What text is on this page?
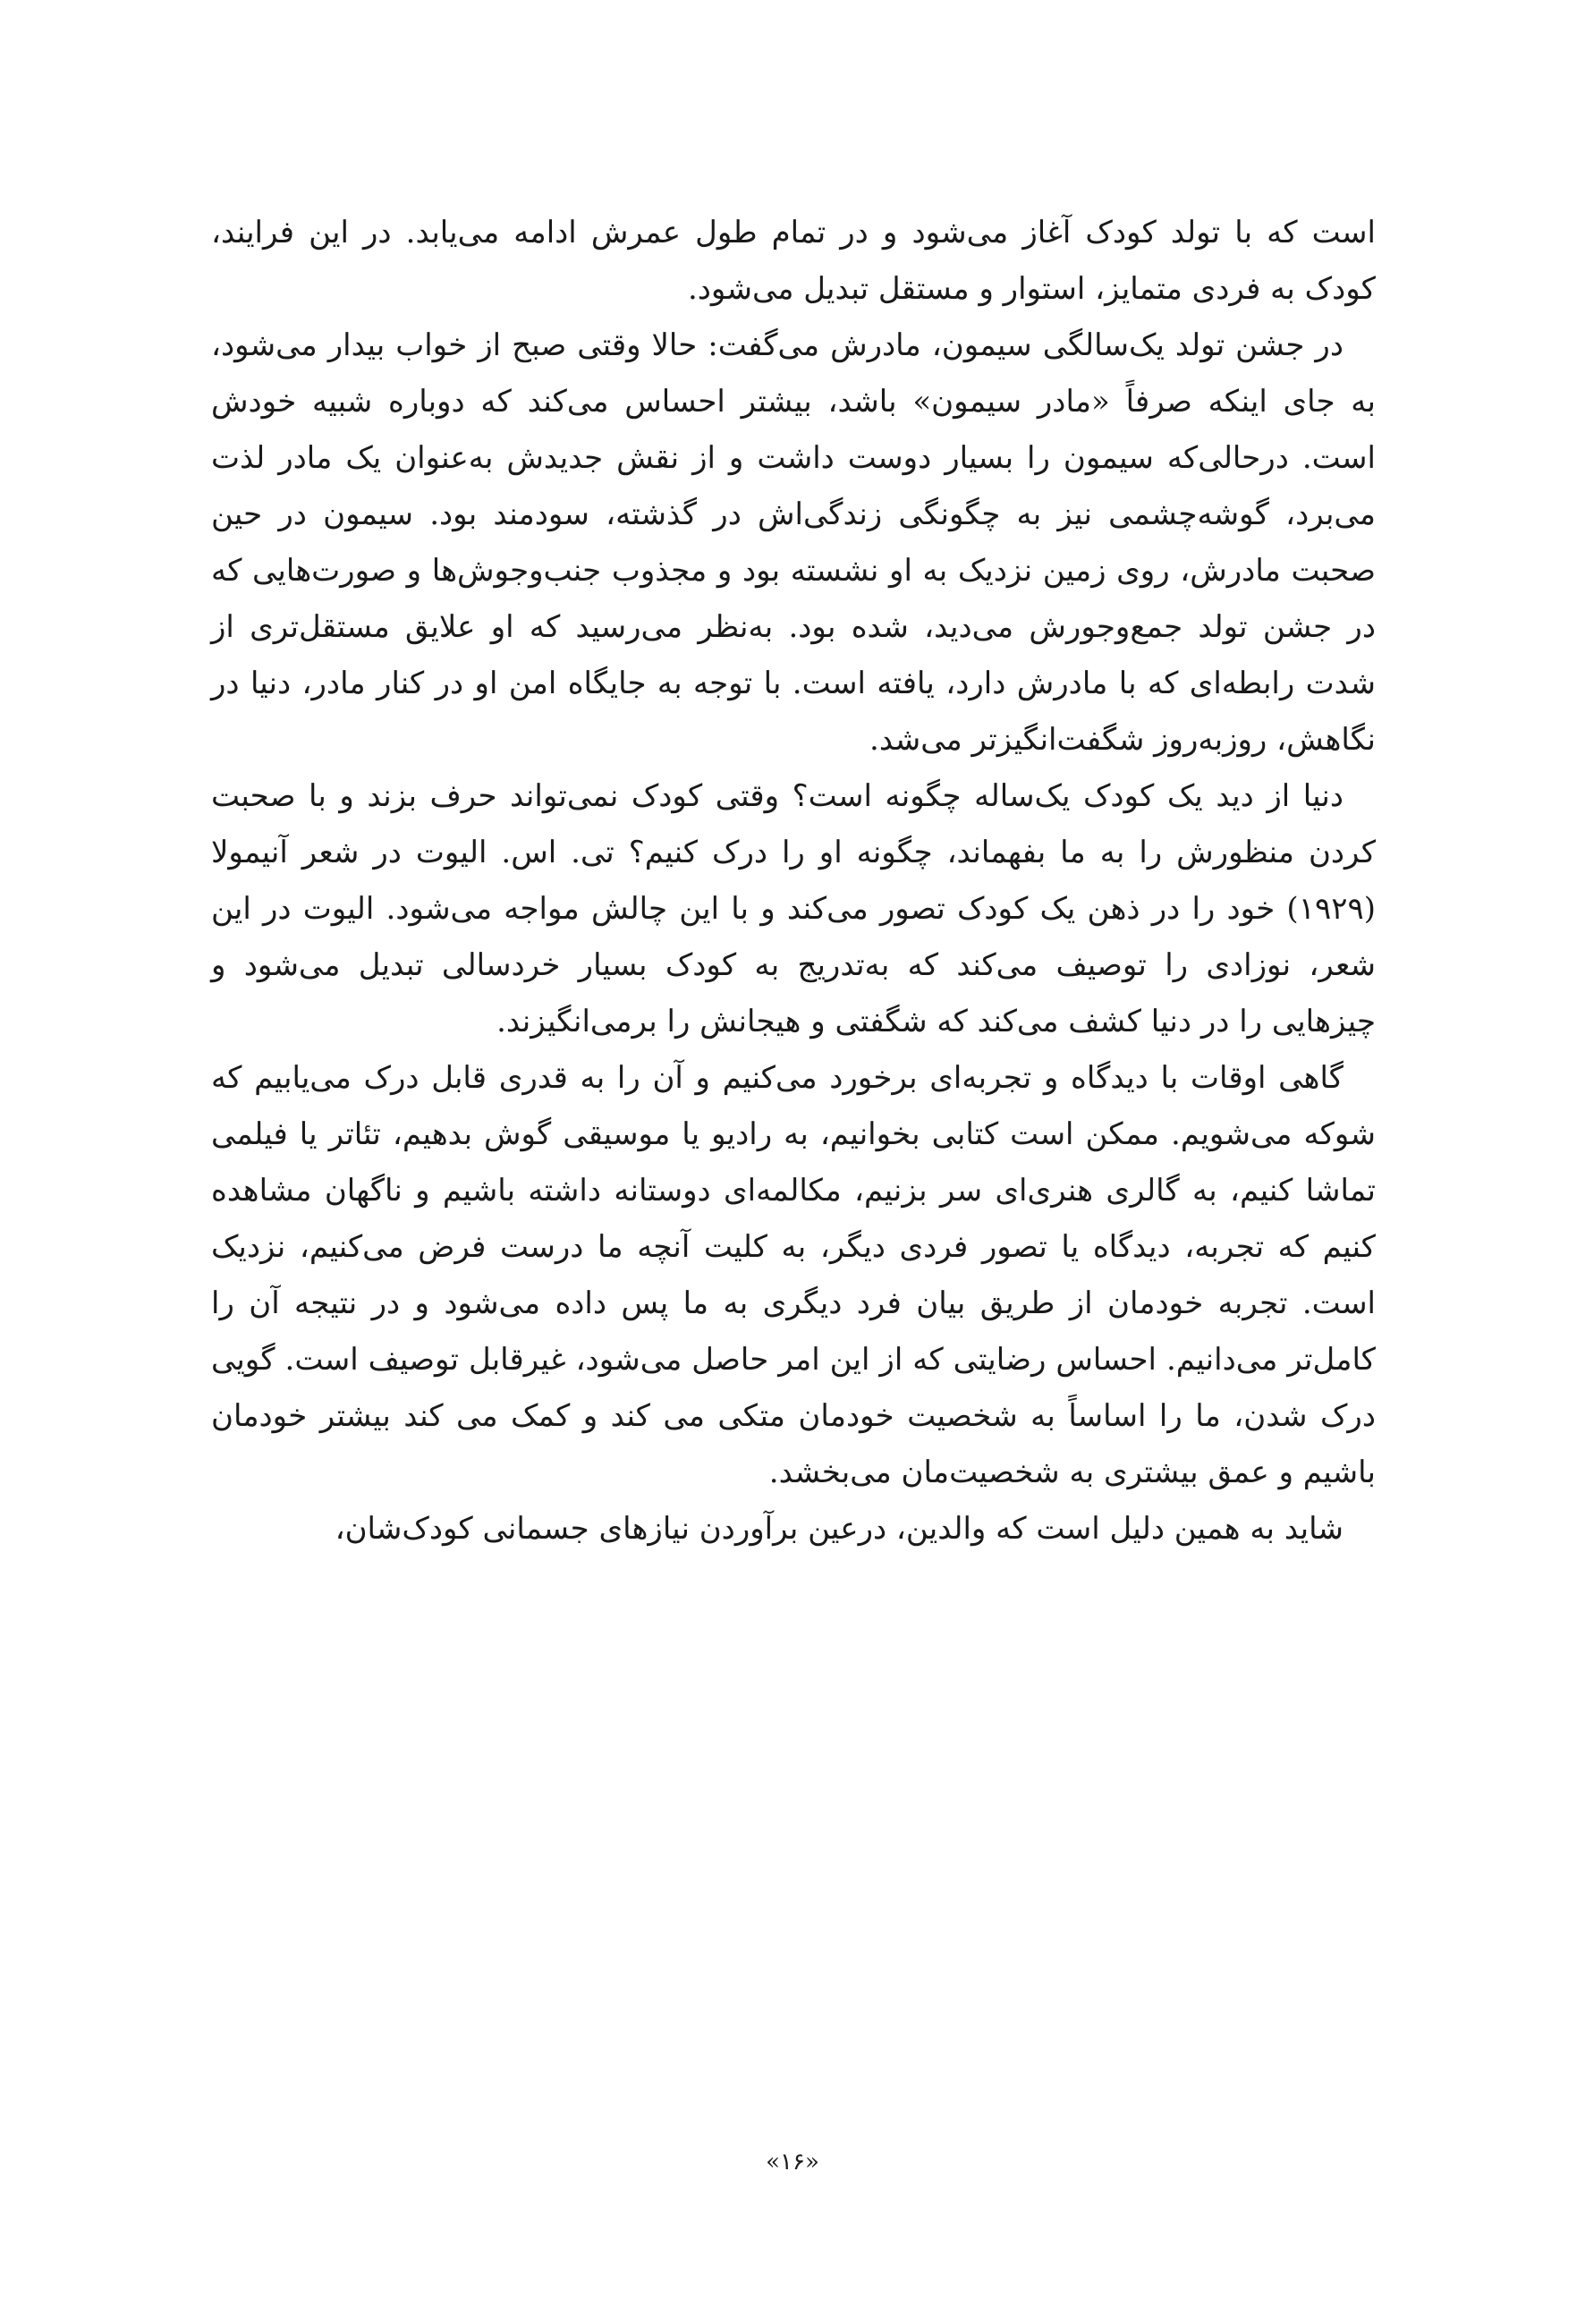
است که با تولد کودک آغاز می‌شود و در تمام طول عمرش ادامه می‌یابد. در این فرایند، کودک به فردی متمایز، استوار و مستقل تبدیل می‌شود.

در جشن تولد یک‌سالگی سیمون، مادرش می‌گفت: حالا وقتی صبح از خواب بیدار می‌شود، به جای اینکه صرفاً «مادر سیمون» باشد، بیشتر احساس می‌کند که دوباره شبیه خودش است. درحالی‌که سیمون را بسیار دوست داشت و از نقش جدیدش به‌عنوان یک مادر لذت می‌برد، گوشه‌چشمی نیز به چگونگی زندگی‌اش در گذشته، سودمند بود. سیمون در حین صحبت مادرش، روی زمین نزدیک به او نشسته بود و مجذوب جنب‌وجوش‌ها و صورت‌هایی که در جشن تولد جمع‌وجورش می‌دید، شده بود. به‌نظر می‌رسید که او علایق مستقل‌تری از شدت رابطه‌ای که با مادرش دارد، یافته است. با توجه به جایگاه امن او در کنار مادر، دنیا در نگاهش، روزبه‌روز شگفت‌انگیزتر می‌شد.

دنیا از دید یک کودک یک‌ساله چگونه است؟ وقتی کودک نمی‌تواند حرف بزند و با صحبت کردن منظورش را به ما بفهماند، چگونه او را درک کنیم؟ تی. اس. الیوت در شعر آنیمولا (۱۹۲۹) خود را در ذهن یک کودک تصور می‌کند و با این چالش مواجه می‌شود. الیوت در این شعر، نوزادی را توصیف می‌کند که به‌تدریج به کودک بسیار خردسالی تبدیل می‌شود و چیزهایی را در دنیا کشف می‌کند که شگفتی و هیجانش را برمی‌انگیزند.

گاهی اوقات با دیدگاه و تجربه‌ای برخورد می‌کنیم و آن را به قدری قابل درک می‌یابیم که شوکه می‌شویم. ممکن است کتابی بخوانیم، به رادیو یا موسیقی گوش بدهیم، تئاتر یا فیلمی تماشا کنیم، به گالری هنری‌ای سر بزنیم، مکالمه‌ای دوستانه داشته باشیم و ناگهان مشاهده کنیم که تجربه، دیدگاه یا تصور فردی دیگر، به کلیت آنچه ما درست فرض می‌کنیم، نزدیک است. تجربه خودمان از طریق بیان فرد دیگری به ما پس داده می‌شود و در نتیجه آن را کامل‌تر می‌دانیم. احساس رضایتی که از این امر حاصل می‌شود، غیرقابل توصیف است. گویی درک شدن، ما را اساساً به شخصیت خودمان متکی می کند و کمک می کند بیشتر خودمان باشیم و عمق بیشتری به شخصیت‌مان می‌بخشد.

شاید به همین دلیل است که والدین، درعین برآوردن نیازهای جسمانی کودک‌شان،

«۱۶»
